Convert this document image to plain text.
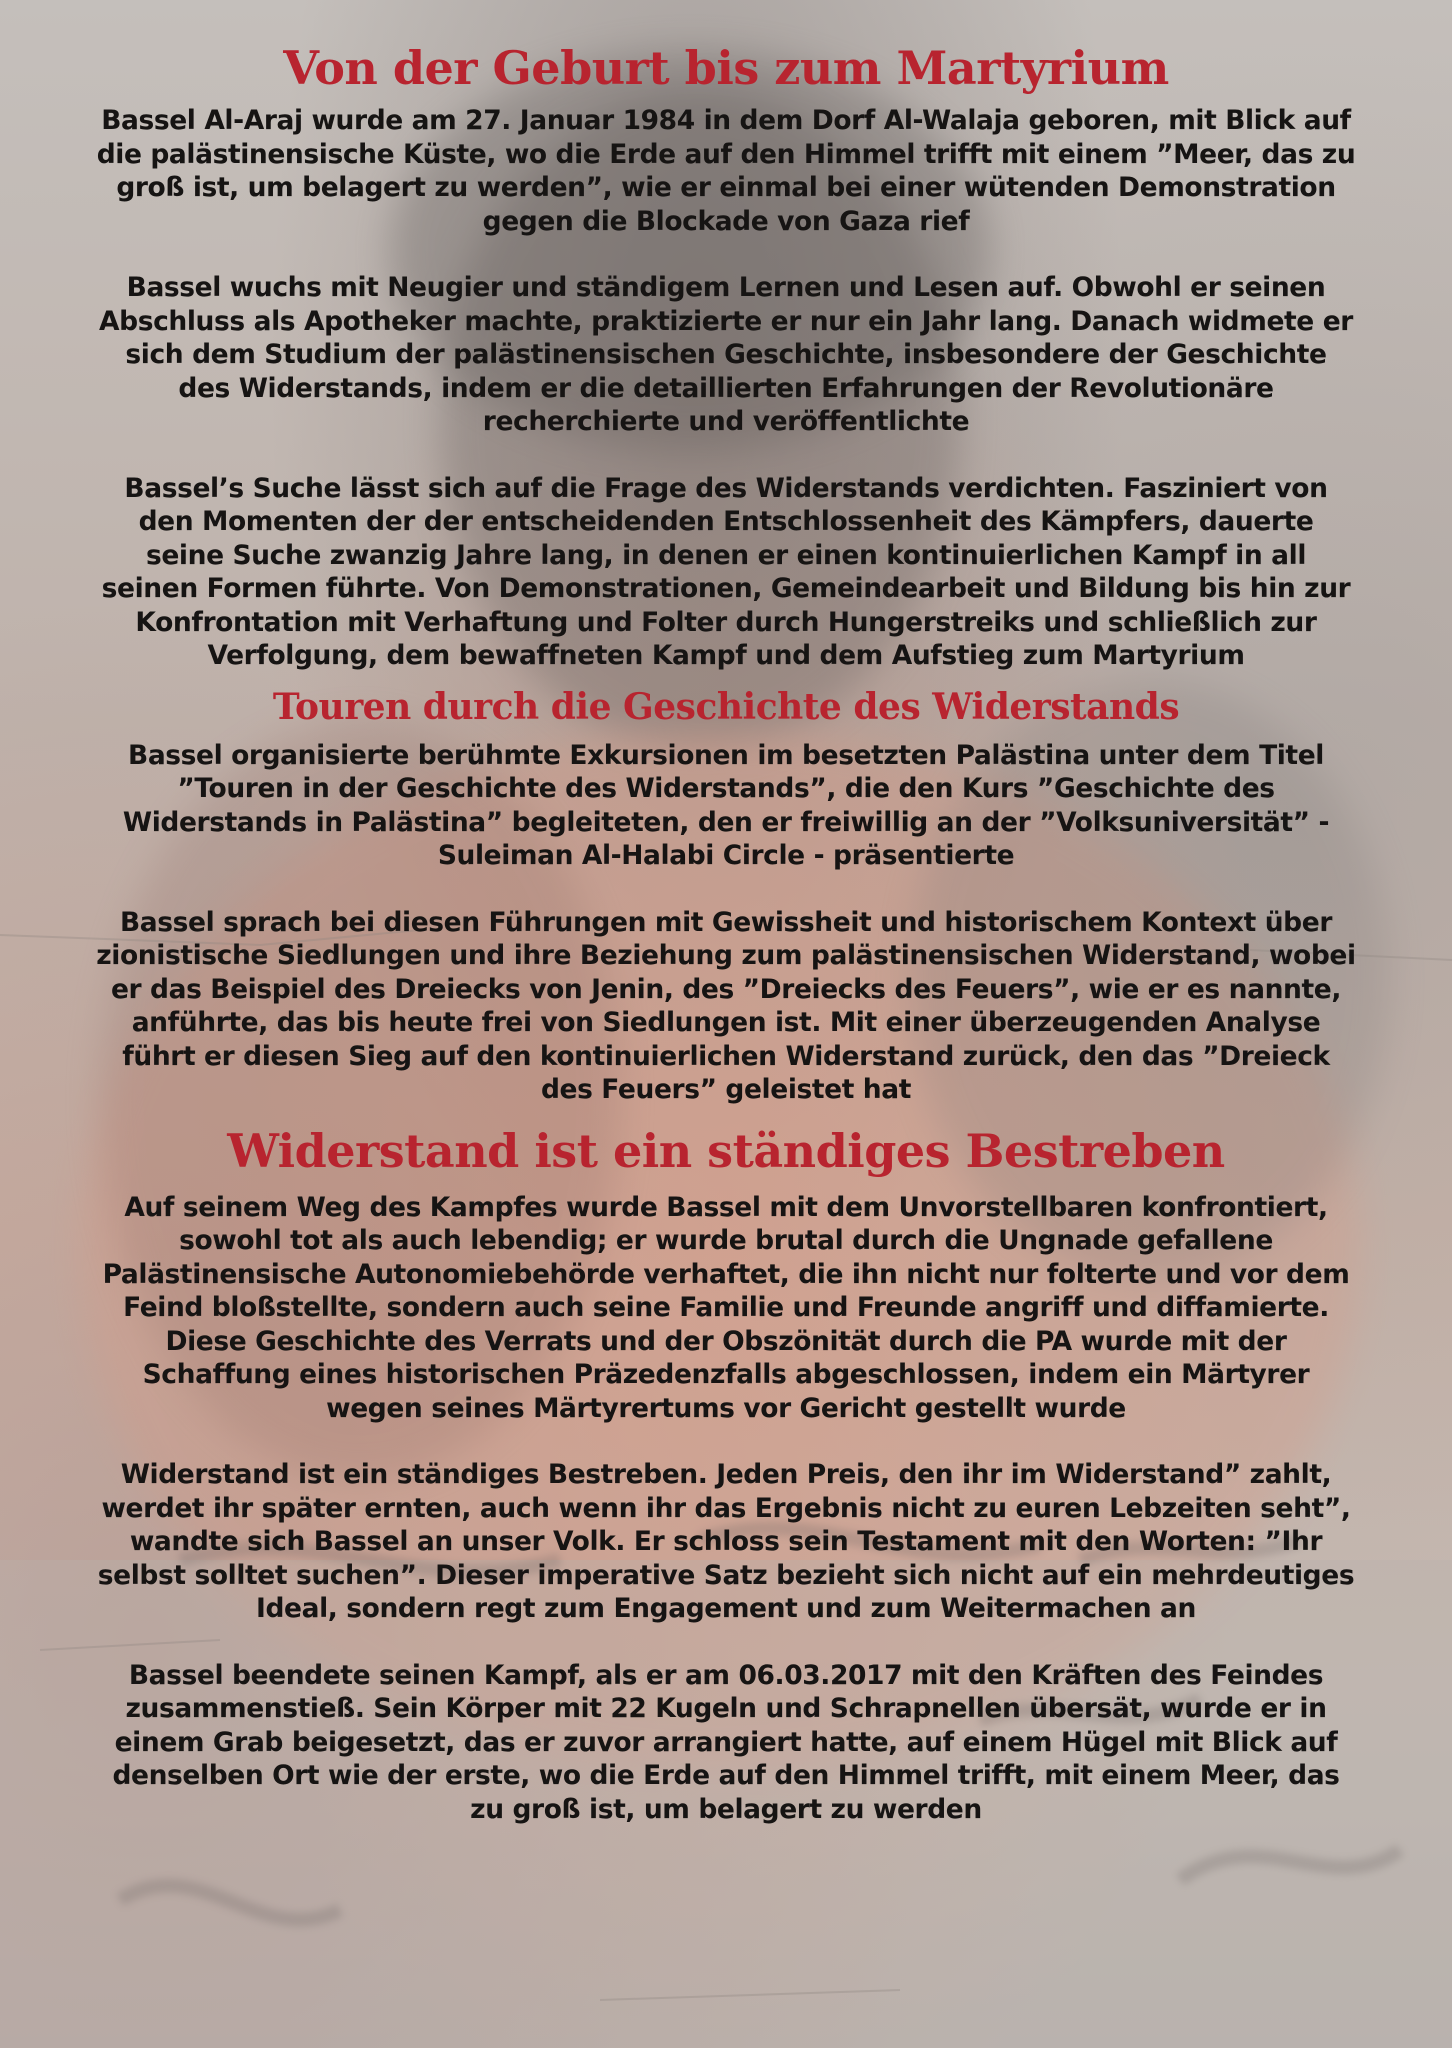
Von der Geburt bis zum Martyrium

Bassel Al-Araj wurde am 27. Januar 1984 in dem Dorf Al-Walaja geboren, mit Blick auf die palästinensische Küste, wo die Erde auf den Himmel trifft mit einem ”Meer, das zu groß ist, um belagert zu werden”, wie er einmal bei einer wütenden Demonstration gegen die Blockade von Gaza rief

Bassel wuchs mit Neugier und ständigem Lernen und Lesen auf. Obwohl er seinen Abschluss als Apotheker machte, praktizierte er nur ein Jahr lang. Danach widmete er sich dem Studium der palästinensischen Geschichte, insbesondere der Geschichte des Widerstands, indem er die detaillierten Erfahrungen der Revolutionäre recherchierte und veröffentlichte

Bassel’s Suche lässt sich auf die Frage des Widerstands verdichten. Fasziniert von den Momenten der der entscheidenden Entschlossenheit des Kämpfers, dauerte seine Suche zwanzig Jahre lang, in denen er einen kontinuierlichen Kampf in all seinen Formen führte. Von Demonstrationen, Gemeindearbeit und Bildung bis hin zur Konfrontation mit Verhaftung und Folter durch Hungerstreiks und schließlich zur Verfolgung, dem bewaffneten Kampf und dem Aufstieg zum Martyrium

Touren durch die Geschichte des Widerstands

Bassel organisierte berühmte Exkursionen im besetzten Palästina unter dem Titel ”Touren in der Geschichte des Widerstands”, die den Kurs ”Geschichte des Widerstands in Palästina” begleiteten, den er freiwillig an der ”Volksuniversität” - Suleiman Al-Halabi Circle - präsentierte

Bassel sprach bei diesen Führungen mit Gewissheit und historischem Kontext über zionistische Siedlungen und ihre Beziehung zum palästinensischen Widerstand, wobei er das Beispiel des Dreiecks von Jenin, des ”Dreiecks des Feuers”, wie er es nannte, anführte, das bis heute frei von Siedlungen ist. Mit einer überzeugenden Analyse führt er diesen Sieg auf den kontinuierlichen Widerstand zurück, den das ”Dreieck des Feuers” geleistet hat

Widerstand ist ein ständiges Bestreben

Auf seinem Weg des Kampfes wurde Bassel mit dem Unvorstellbaren konfrontiert, sowohl tot als auch lebendig; er wurde brutal durch die Ungnade gefallene Palästinensische Autonomiebehörde verhaftet, die ihn nicht nur folterte und vor dem Feind bloßstellte, sondern auch seine Familie und Freunde angriff und diffamierte. Diese Geschichte des Verrats und der Obszönität durch die PA wurde mit der Schaffung eines historischen Präzedenzfalls abgeschlossen, indem ein Märtyrer wegen seines Märtyrertums vor Gericht gestellt wurde

Widerstand ist ein ständiges Bestreben. Jeden Preis, den ihr im Widerstand” zahlt, werdet ihr später ernten, auch wenn ihr das Ergebnis nicht zu euren Lebzeiten seht”, wandte sich Bassel an unser Volk. Er schloss sein Testament mit den Worten: ”Ihr selbst solltet suchen”. Dieser imperative Satz bezieht sich nicht auf ein mehrdeutiges Ideal, sondern regt zum Engagement und zum Weitermachen an

Bassel beendete seinen Kampf, als er am 06.03.2017 mit den Kräften des Feindes zusammenstieß. Sein Körper mit 22 Kugeln und Schrapnellen übersät, wurde er in einem Grab beigesetzt, das er zuvor arrangiert hatte, auf einem Hügel mit Blick auf denselben Ort wie der erste, wo die Erde auf den Himmel trifft, mit einem Meer, das zu groß ist, um belagert zu werden
